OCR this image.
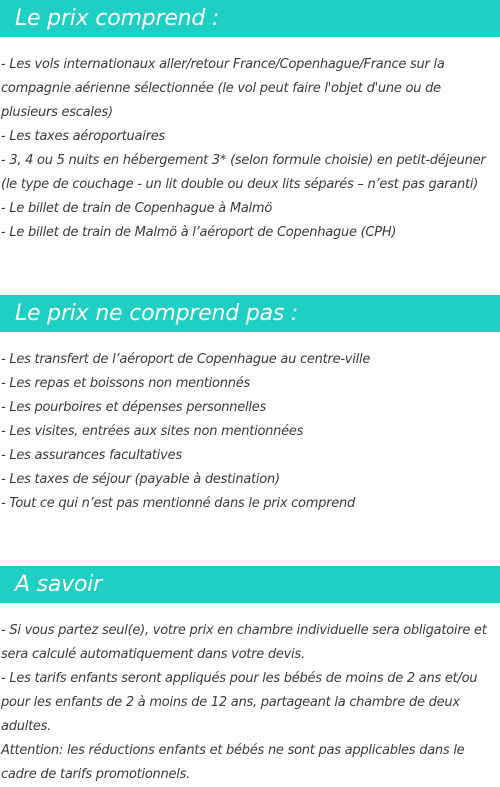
Le prix comprend :

- Les vols internationaux aller/retour France/Copenhague/France sur la compagnie aérienne sélectionnée (le vol peut faire l'objet d'une ou de plusieurs escales)

- Les taxes aéroportuaires

- 3, 4 ou 5 nuits en hébergement 3* (selon formule choisie) en petit-déjeuner (le type de couchage - un lit double ou deux lits séparés – n’est pas garanti)

- Le billet de train de Copenhague à Malmö

- Le billet de train de Malmö à l’aéroport de Copenhague (CPH)

Le prix ne comprend pas :

- Les transfert de l’aéroport de Copenhague au centre-ville

- Les repas et boissons non mentionnés

- Les pourboires et dépenses personnelles

- Les visites, entrées aux sites non mentionnées

- Les assurances facultatives

- Les taxes de séjour (payable à destination)

- Tout ce qui n’est pas mentionné dans le prix comprend

A savoir

- Si vous partez seul(e), votre prix en chambre individuelle sera obligatoire et sera calculé automatiquement dans votre devis.

- Les tarifs enfants seront appliqués pour les bébés de moins de 2 ans et/ou pour les enfants de 2 à moins de 12 ans, partageant la chambre de deux adultes.

Attention: les réductions enfants et bébés ne sont pas applicables dans le cadre de tarifs promotionnels.
